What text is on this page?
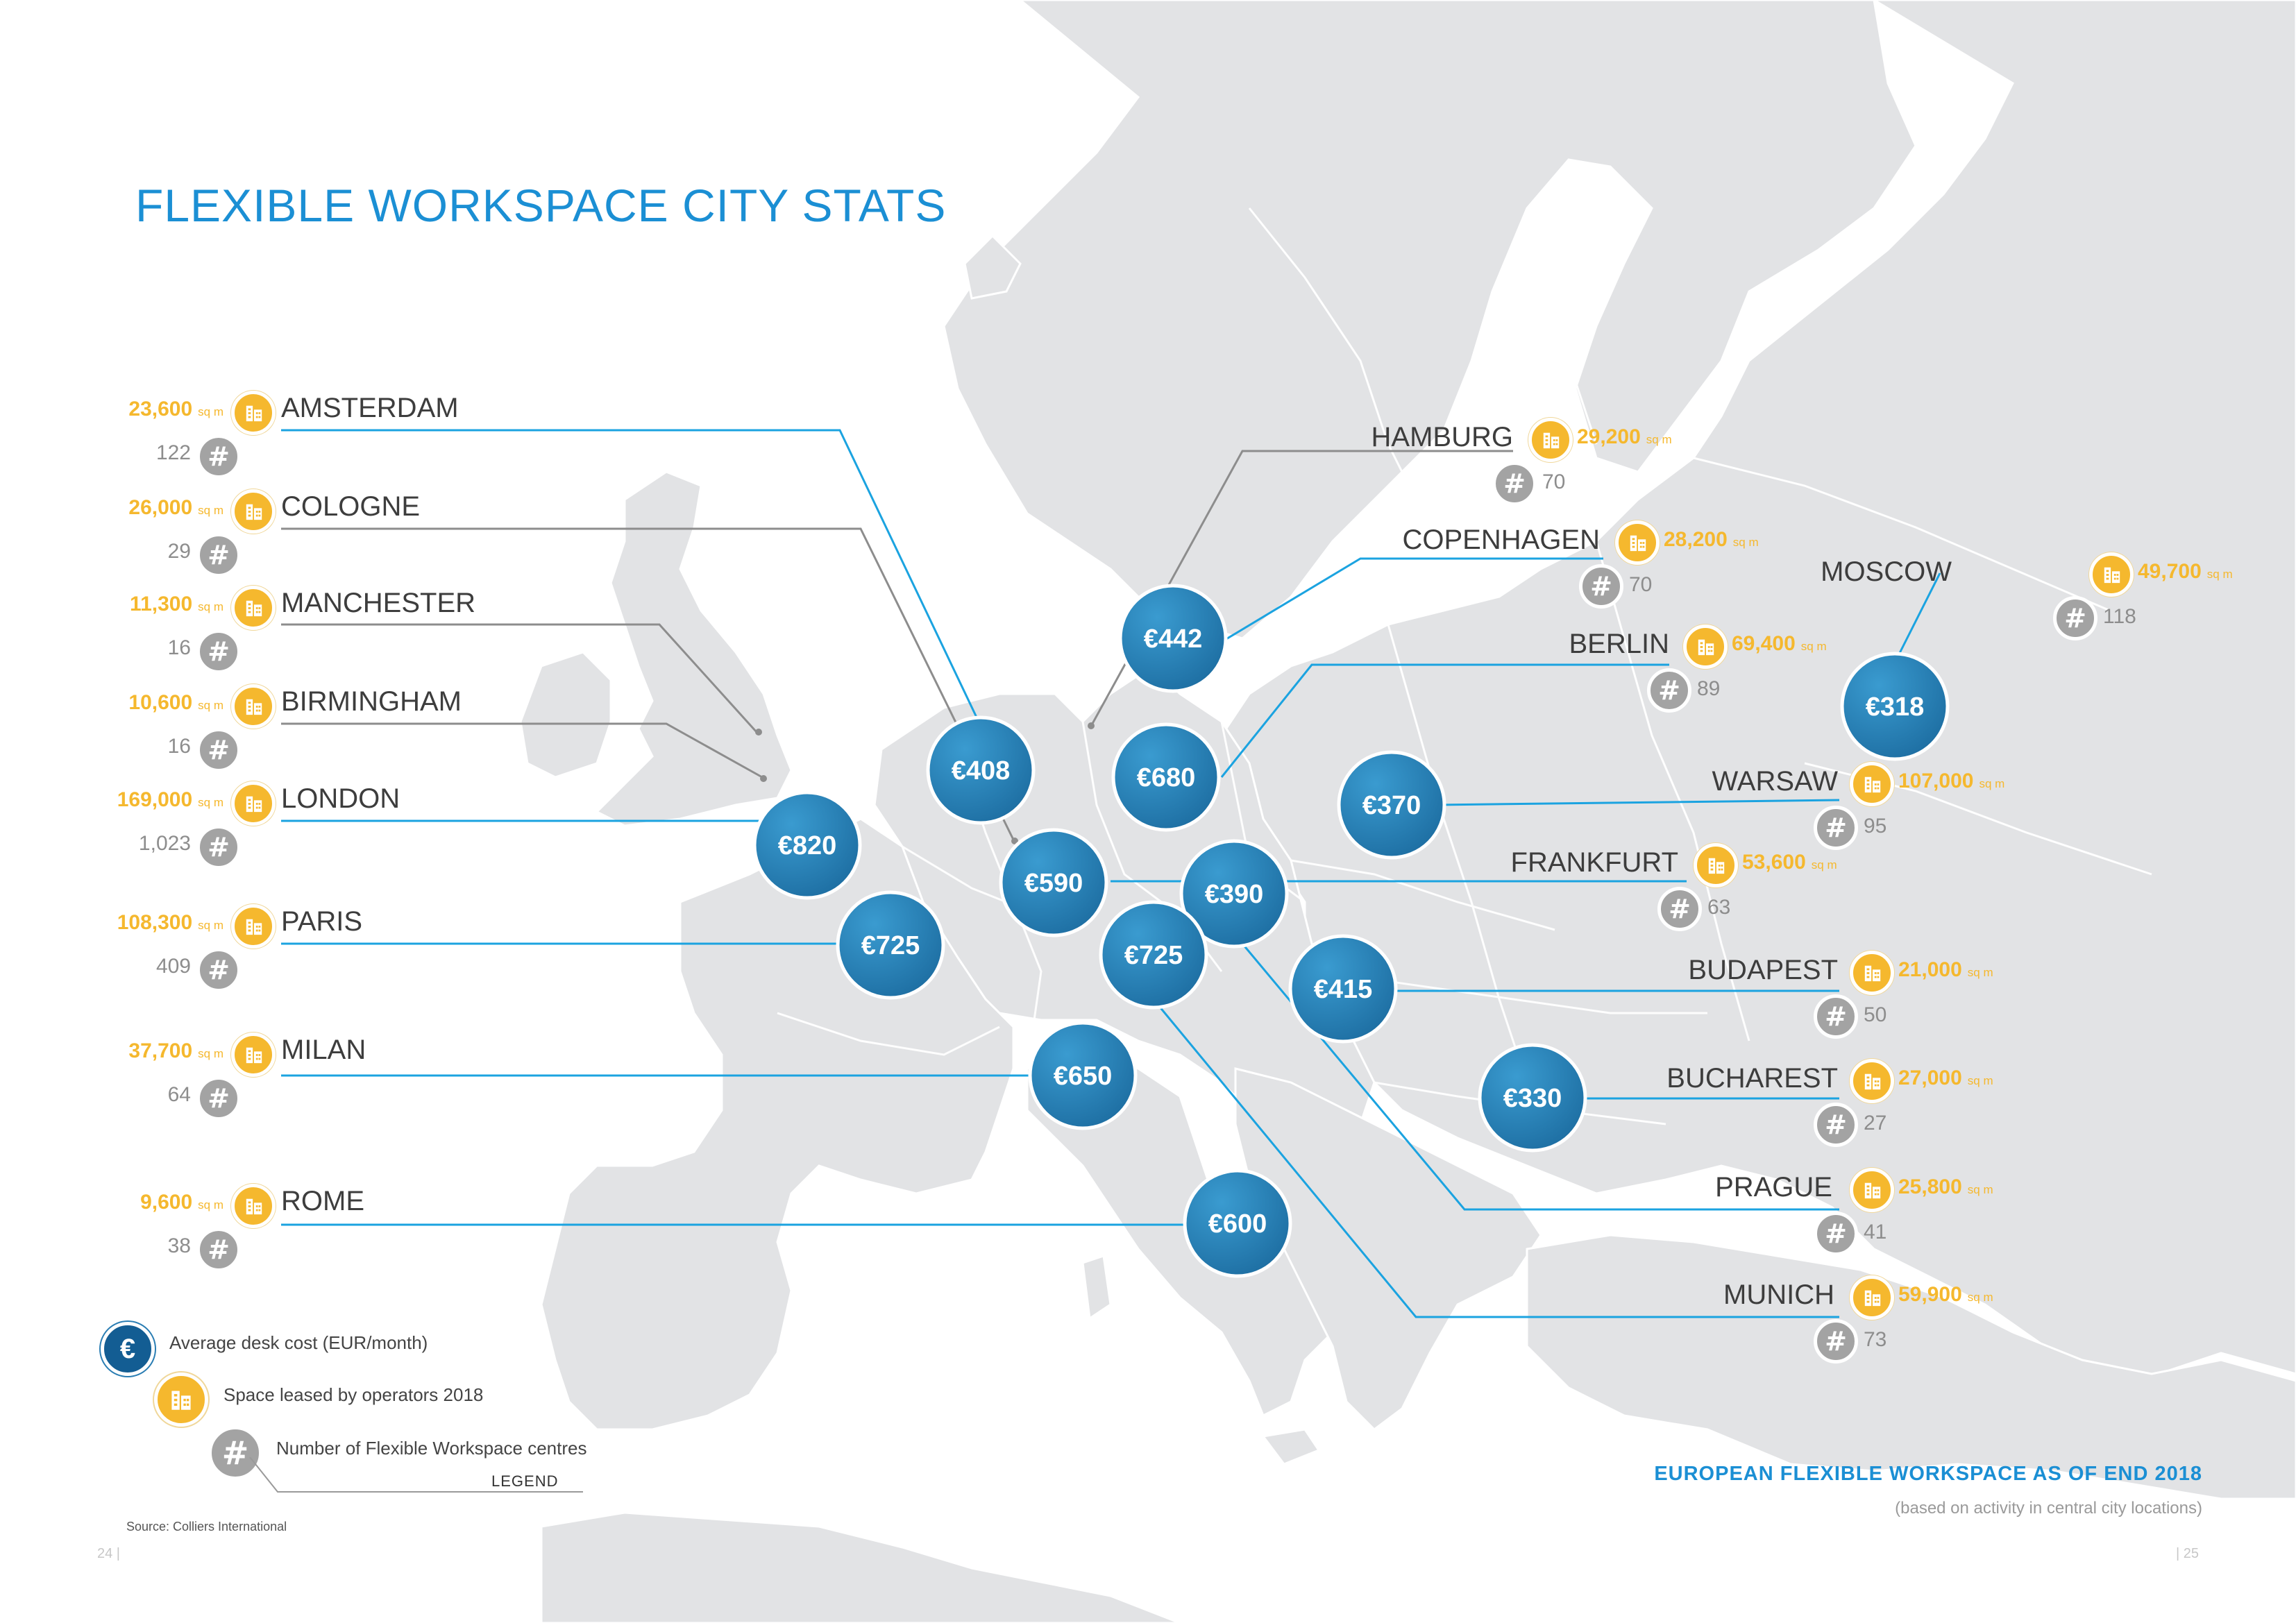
€442
€408	€680
€318
€370
€820
€590	€390
€725	€725
€415
€650
€330
€600
FLEXIBLE WORKSPACE CITY STATS
#
23,600 sq m
122
AMSTERDAM
#
26,000 sq m
29
COLOGNE
#
11,300 sq m
16
MANCHESTER
#
10,600 sq m
16
BIRMINGHAM
#
169,000 sq m
1,023
LONDON
#
108,300 sq m
409
PARIS
#
37,700 sq m
64
MILAN
#
9,600 sq m
38
ROME
HAMBURG	29,200 sq m
# 70
COPENHAGEN	28,200 sq m
# 70	MOSCOW	49,700 sq m
# 118
BERLIN	69,400 sq m
# 89
WARSAW	107,000 sq m
# 95
FRANKFURT	53,600 sq m
# 63
BUDAPEST	21,000 sq m
# 50
BUCHAREST	27,000 sq m
# 27
PRAGUE	25,800 sq m
# 41
MUNICH	59,900 sq m
# 73
€	Average desk cost (EUR/month)
Space leased by operators 2018
#	Number of Flexible Workspace centres
LEGEND
Source: Colliers International
24 |	| 25
EUROPEAN FLEXIBLE WORKSPACE AS OF END 2018
(based on activity in central city locations)
